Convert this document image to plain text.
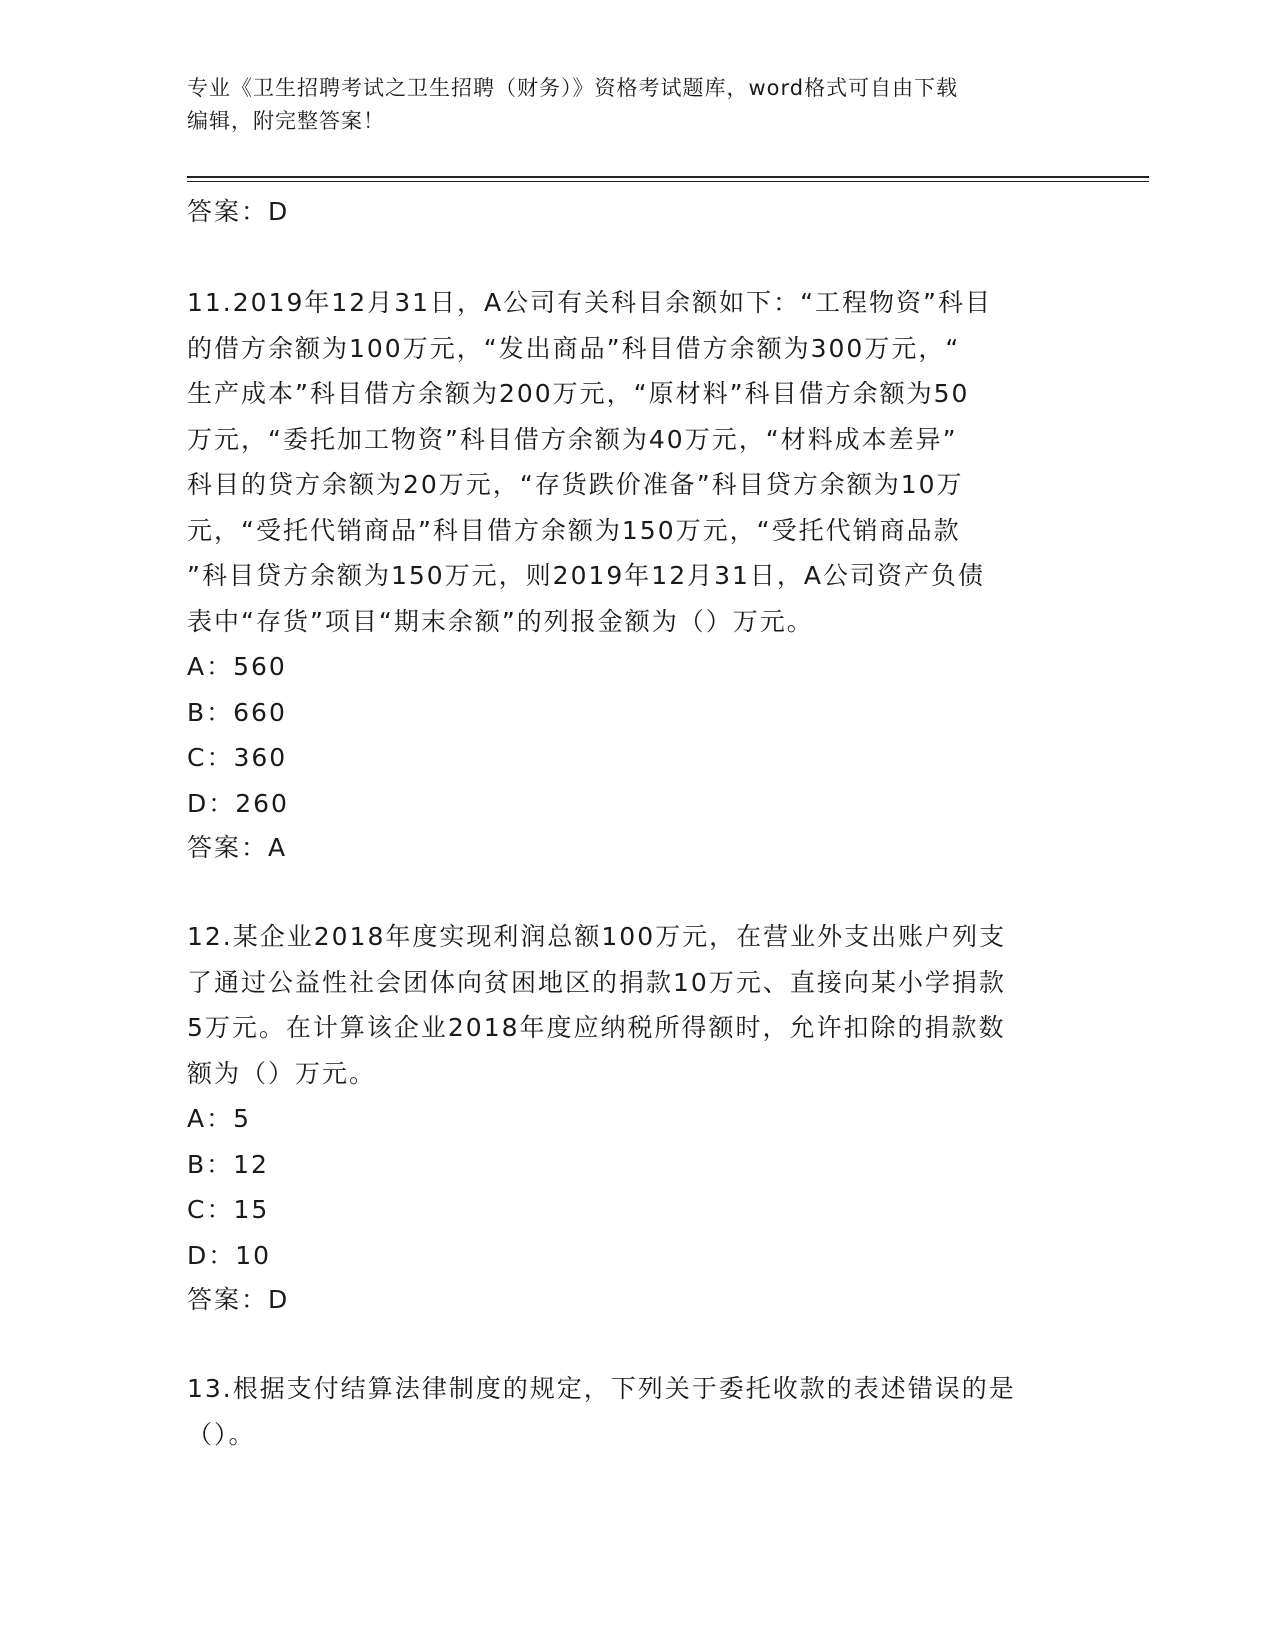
专业《卫生招聘考试之卫生招聘（财务）》资格考试题库，word格式可自由下载
编辑，附完整答案！

答案：D

11.2019年12月31日，A公司有关科目余额如下：“工程物资”科目

的借方余额为100万元，“发出商品”科目借方余额为300万元，“

生产成本”科目借方余额为200万元，“原材料”科目借方余额为50

万元，“委托加工物资”科目借方余额为40万元，“材料成本差异”

科目的贷方余额为20万元，“存货跌价准备”科目贷方余额为10万

元，“受托代销商品”科目借方余额为150万元，“受托代销商品款

”科目贷方余额为150万元，则2019年12月31日，A公司资产负债

表中“存货”项目“期末余额”的列报金额为（）万元。

A：560

B：660

C：360

D：260

答案：A

12.某企业2018年度实现利润总额100万元，在营业外支出账户列支

了通过公益性社会团体向贫困地区的捐款10万元、直接向某小学捐款

5万元。在计算该企业2018年度应纳税所得额时，允许扣除的捐款数

额为（）万元。

A：5

B：12

C：15

D：10

答案：D

13.根据支付结算法律制度的规定，下列关于委托收款的表述错误的是

（）。
